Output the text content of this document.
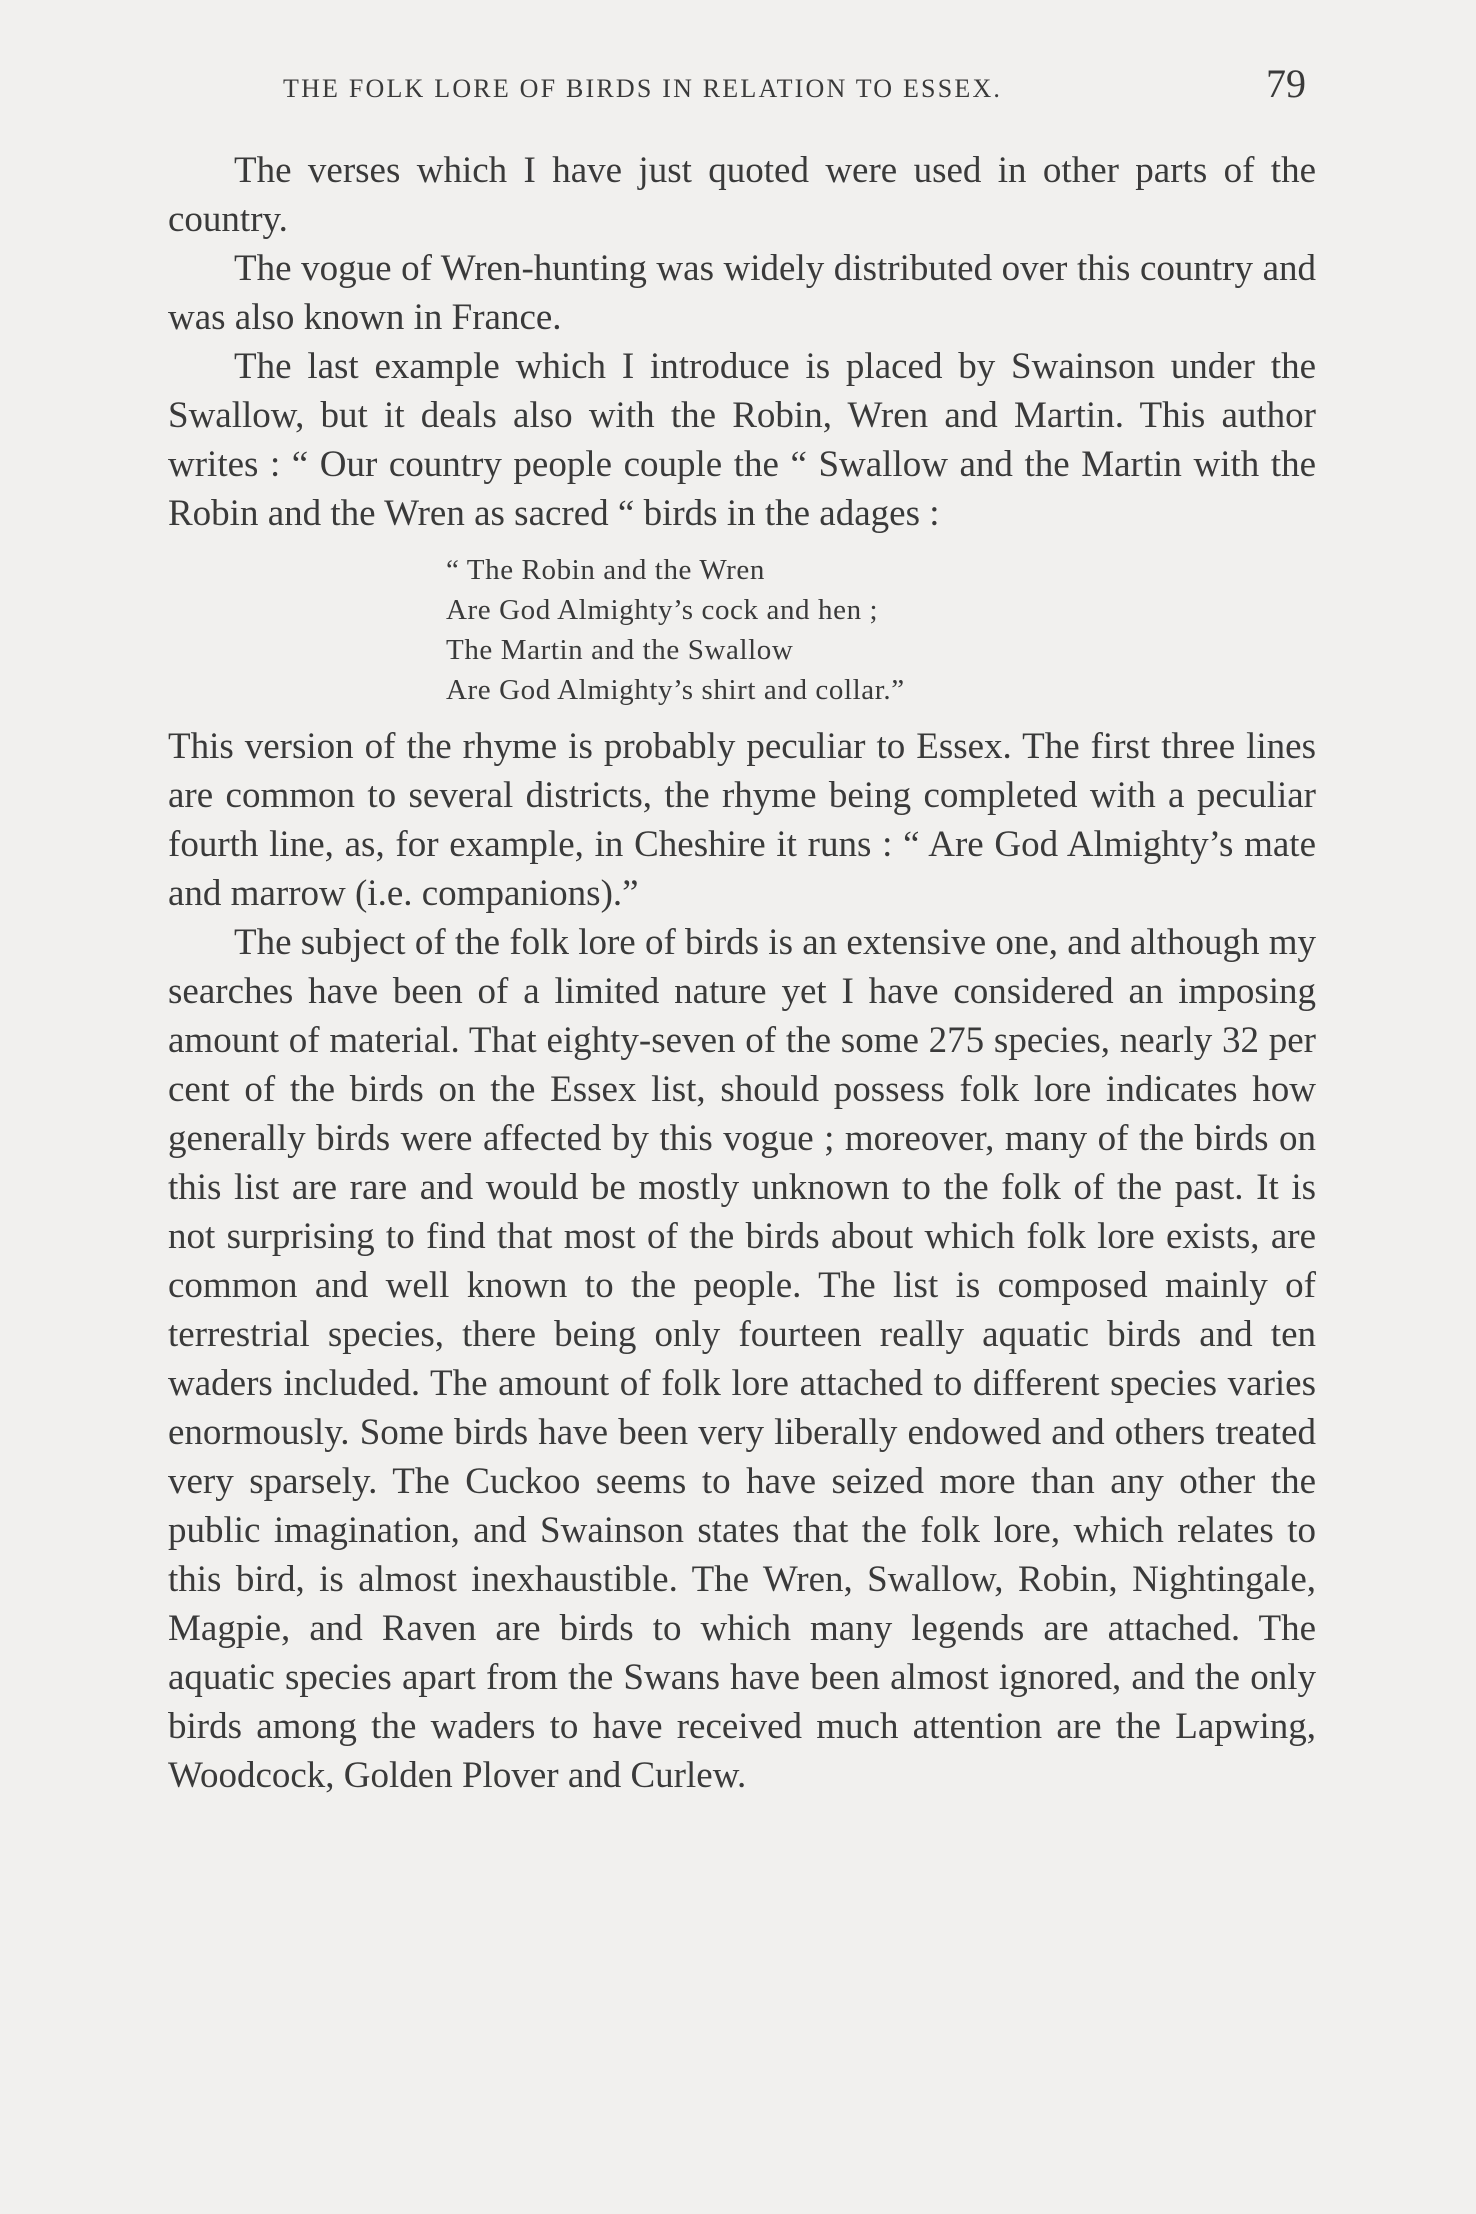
THE FOLK LORE OF BIRDS IN RELATION TO ESSEX.	79

The verses which I have just quoted were used in other parts of the country.

The vogue of Wren-hunting was widely distributed over this country and was also known in France.

The last example which I introduce is placed by Swainson under the Swallow, but it deals also with the Robin, Wren and Martin. This author writes : “ Our country people couple the “ Swallow and the Martin with the Robin and the Wren as sacred “ birds in the adages :

“ The Robin and the Wren
Are God Almighty’s cock and hen ;
The Martin and the Swallow
Are God Almighty’s shirt and collar.”

This version of the rhyme is probably peculiar to Essex. The first three lines are common to several districts, the rhyme being completed with a peculiar fourth line, as, for example, in Cheshire it runs : “ Are God Almighty’s mate and marrow (i.e. companions).”

The subject of the folk lore of birds is an extensive one, and although my searches have been of a limited nature yet I have considered an imposing amount of material. That eighty-seven of the some 275 species, nearly 32 per cent of the birds on the Essex list, should possess folk lore indicates how generally birds were affected by this vogue ; moreover, many of the birds on this list are rare and would be mostly unknown to the folk of the past. It is not surprising to find that most of the birds about which folk lore exists, are common and well known to the people. The list is composed mainly of terrestrial species, there being only fourteen really aquatic birds and ten waders included. The amount of folk lore attached to different species varies enormously. Some birds have been very liberally endowed and others treated very sparsely. The Cuckoo seems to have seized more than any other the public imagination, and Swainson states that the folk lore, which relates to this bird, is almost inexhaustible. The Wren, Swallow, Robin, Nightingale, Magpie, and Raven are birds to which many legends are attached. The aquatic species apart from the Swans have been almost ignored, and the only birds among the waders to have received much attention are the Lapwing, Woodcock, Golden Plover and Curlew.
